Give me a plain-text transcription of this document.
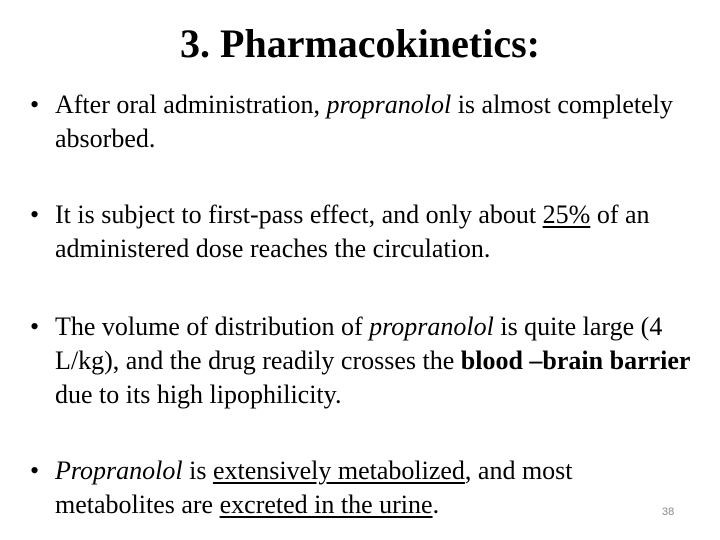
3. Pharmacokinetics:
• After oral administration, propranolol is almost completely absorbed.
• It is subject to first-pass effect, and only about 25% of an administered dose reaches the circulation.
• The volume of distribution of propranolol is quite large (4 L/kg), and the drug readily crosses the blood –brain barrier due to its high lipophilicity.
• Propranolol is extensively metabolized, and most metabolites are excreted in the urine.	38
